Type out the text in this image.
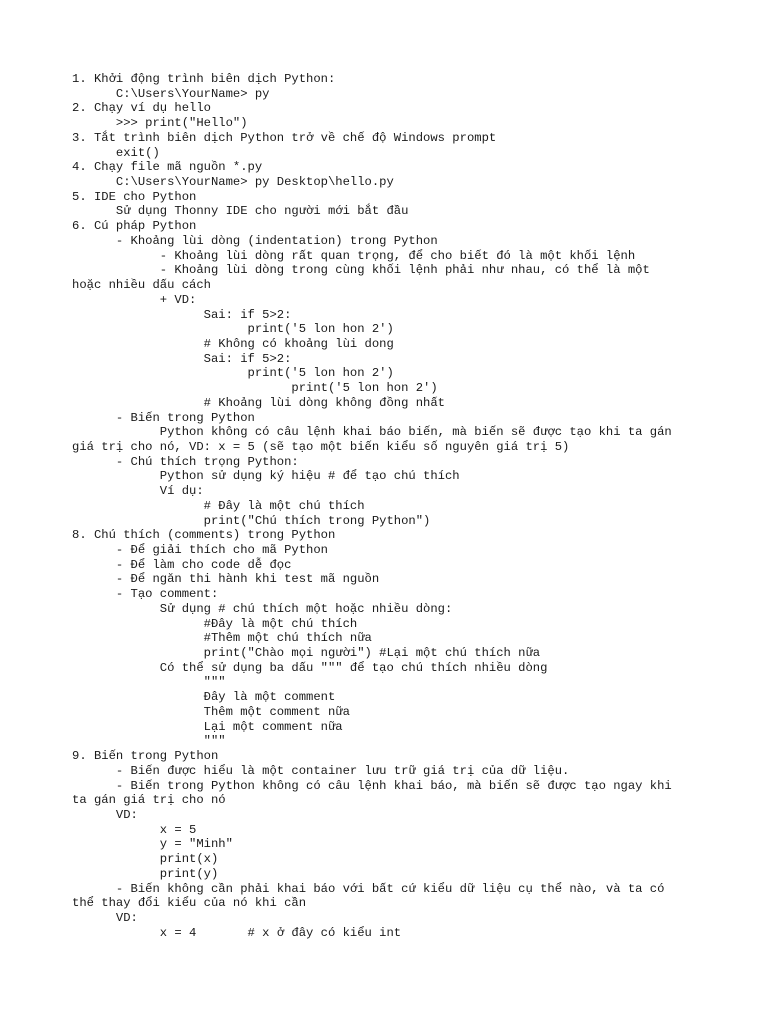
1. Khởi động trình biên dịch Python:
C:\Users\YourName> py
2. Chạy ví dụ hello
>>> print("Hello")
3. Tắt trình biên dịch Python trở về chế độ Windows prompt
exit()
4. Chạy file mã nguồn *.py
C:\Users\YourName> py Desktop\hello.py
5. IDE cho Python
Sử dụng Thonny IDE cho người mới bắt đầu
6. Cú pháp Python
- Khoảng lùi dòng (indentation) trong Python
- Khoảng lùi dòng rất quan trọng, để cho biết đó là một khối lệnh
- Khoảng lùi dòng trong cùng khối lệnh phải như nhau, có thể là một
hoặc nhiều dấu cách
+ VD:
Sai: if 5>2:
print('5 lon hon 2')
# Không có khoảng lùi dong
Sai: if 5>2:
print('5 lon hon 2')
print('5 lon hon 2')
# Khoảng lùi dòng không đồng nhất
- Biến trong Python
Python không có câu lệnh khai báo biến, mà biến sẽ được tạo khi ta gán
giá trị cho nó, VD: x = 5 (sẽ tạo một biến kiểu số nguyên giá trị 5)
- Chú thích trọng Python:
Python sử dụng ký hiệu # để tạo chú thích
Ví dụ:
# Đây là một chú thích
print("Chú thích trong Python")
8. Chú thích (comments) trong Python
- Để giải thích cho mã Python
- Để làm cho code dễ đọc
- Để ngăn thi hành khi test mã nguồn
- Tạo comment:
Sử dụng # chú thích một hoặc nhiều dòng:
#Đây là một chú thích
#Thêm một chú thích nữa
print("Chào mọi người") #Lại một chú thích nữa
Có thể sử dụng ba dấu """ để tạo chú thích nhiều dòng
"""
Đây là một comment
Thêm một comment nữa
Lại một comment nữa
"""
9. Biến trong Python
- Biến được hiểu là một container lưu trữ giá trị của dữ liệu.
- Biến trong Python không có câu lệnh khai báo, mà biến sẽ được tạo ngay khi
ta gán giá trị cho nó
VD:
x = 5
y = "Minh"
print(x)
print(y)
- Biến không cần phải khai báo với bất cứ kiểu dữ liệu cụ thể nào, và ta có
thể thay đổi kiểu của nó khi cần
VD:
x = 4       # x ở đây có kiểu int
